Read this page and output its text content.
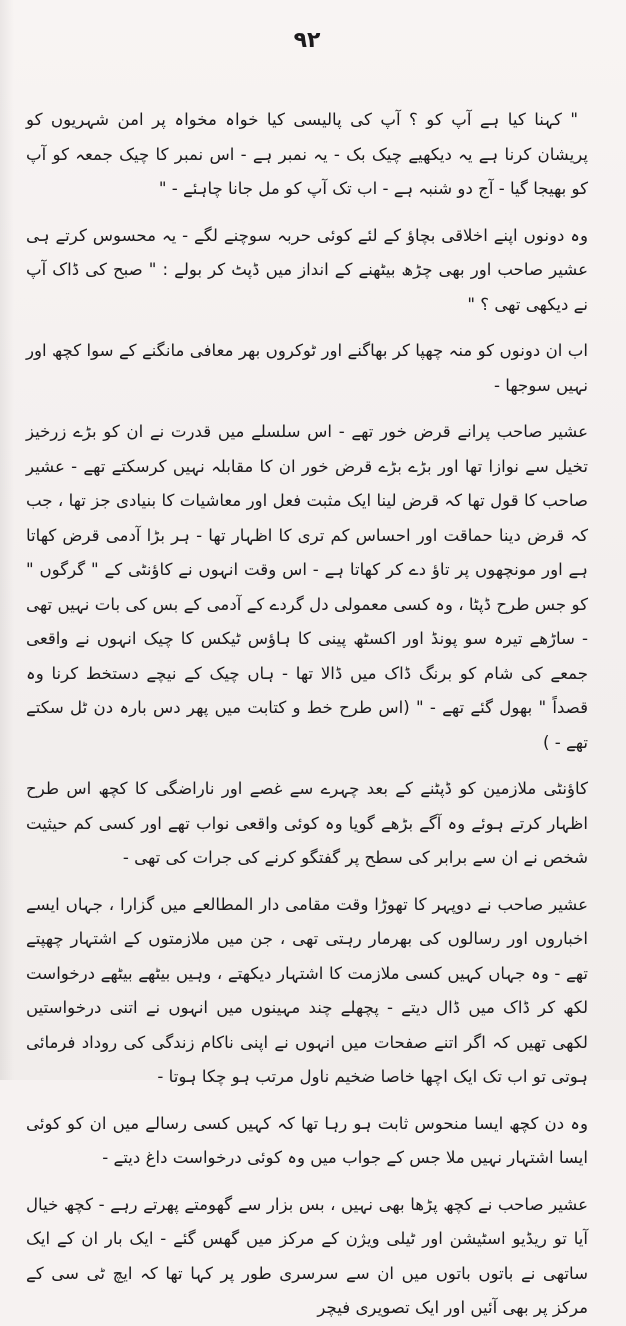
۹۲

" کہنا کیا ہے آپ کو ؟ آپ کی پالیسی کیا خواہ مخواہ پر امن شہریوں کو پریشان کرنا ہے یہ دیکھیے چیک بک - یہ نمبر ہے - اس نمبر کا چیک جمعہ کو آپ کو بھیجا گیا - آج دو شنبہ ہے - اب تک آپ کو مل جانا چاہئے - "

وہ دونوں اپنے اخلاقی بچاؤ کے لئے کوئی حربہ سوچنے لگے - یہ محسوس کرتے ہی عشیر صاحب اور بھی چڑھ بیٹھنے کے انداز میں ڈپٹ کر بولے : " صبح کی ڈاک آپ نے دیکھی تھی ؟ "

اب ان دونوں کو منہ چھپا کر بھاگنے اور ٹوکروں بھر معافی مانگنے کے سوا کچھ اور نہیں سوجھا -

عشیر صاحب پرانے قرض خور تھے - اس سلسلے میں قدرت نے ان کو بڑے زرخیز تخیل سے نوازا تھا اور بڑے بڑے قرض خور ان کا مقابلہ نہیں کرسکتے تھے - عشیر صاحب کا قول تھا کہ قرض لینا ایک مثبت فعل اور معاشیات کا بنیادی جز تھا ، جب کہ قرض دینا حماقت اور احساس کم تری کا اظہار تھا - ہر بڑا آدمی قرض کھاتا ہے اور مونچھوں پر تاؤ دے کر کھاتا ہے - اس وقت انہوں نے کاؤنٹی کے " گرگوں " کو جس طرح ڈپٹا ، وہ کسی معمولی دل گردے کے آدمی کے بس کی بات نہیں تھی - ساڑھے تیرہ سو پونڈ اور اکسٹھ پینی کا ہاؤس ٹیکس کا چیک انہوں نے واقعی جمعے کی شام کو برنگ ڈاک میں ڈالا تھا - ہاں چیک کے نیچے دستخط کرنا وہ قصداً " بھول گئے تھے - " (اس طرح خط و کتابت میں پھر دس بارہ دن ٹل سکتے تھے - )

کاؤنٹی ملازمین کو ڈپٹنے کے بعد چہرے سے غصے اور ناراضگی کا کچھ اس طرح اظہار کرتے ہوئے وہ آگے بڑھے گویا وہ کوئی واقعی نواب تھے اور کسی کم حیثیت شخص نے ان سے برابر کی سطح پر گفتگو کرنے کی جرات کی تھی -

عشیر صاحب نے دوپہر کا تھوڑا وقت مقامی دار المطالعے میں گزارا ، جہاں ایسے اخباروں اور رسالوں کی بھرمار رہتی تھی ، جن میں ملازمتوں کے اشتہار چھپتے تھے - وہ جہاں کہیں کسی ملازمت کا اشتہار دیکھتے ، وہیں بیٹھے بیٹھے درخواست لکھ کر ڈاک میں ڈال دیتے - پچھلے چند مہینوں میں انہوں نے اتنی درخواستیں لکھی تھیں کہ اگر اتنے صفحات میں انہوں نے اپنی ناکام زندگی کی روداد فرمائی ہوتی تو اب تک ایک اچھا خاصا ضخیم ناول مرتب ہو چکا ہوتا -

وہ دن کچھ ایسا منحوس ثابت ہو رہا تھا کہ کہیں کسی رسالے میں ان کو کوئی ایسا اشتہار نہیں ملا جس کے جواب میں وہ کوئی درخواست داغ دیتے -

عشیر صاحب نے کچھ پڑھا بھی نہیں ، بس بزار سے گھومتے پھرتے رہے - کچھ خیال آیا تو ریڈیو اسٹیشن اور ٹیلی ویژن کے مرکز میں گھس گئے - ایک بار ان کے ایک ساتھی نے باتوں باتوں میں ان سے سرسری طور پر کہا تھا کہ ایچ ٹی سی کے مرکز پر بھی آئیں اور ایک تصویری فیچر
